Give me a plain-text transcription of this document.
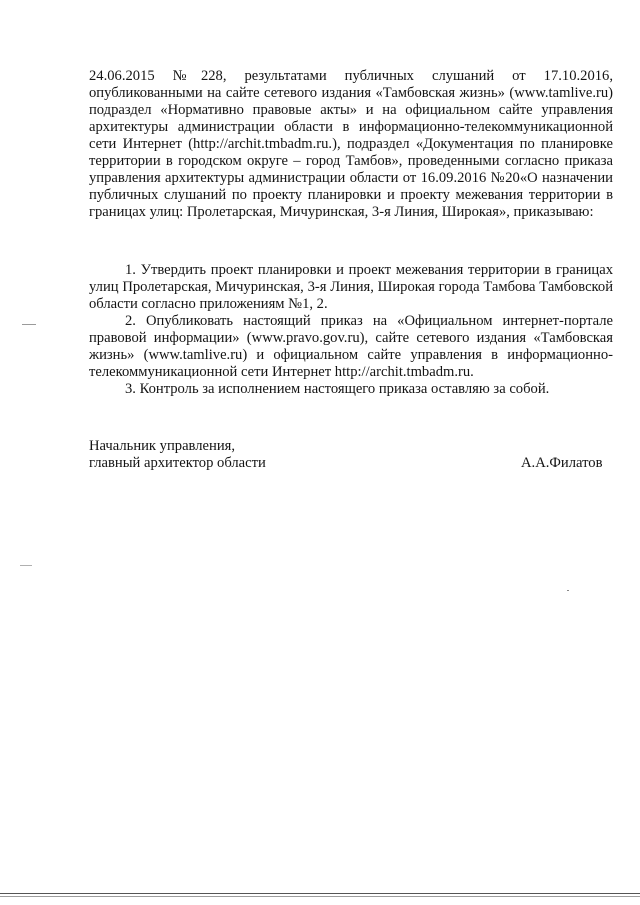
24.06.2015 №228, результатами публичных слушаний от 17.10.2016, опубликованными на сайте сетевого издания «Тамбовская жизнь» (www.tamlive.ru) подраздел «Нормативно правовые акты» и на официальном сайте управления архитектуры администрации области в информационно-телекоммуникационной сети Интернет (http://archit.tmbadm.ru.), подраздел «Документация по планировке территории в городском округе – город Тамбов», проведенными согласно приказа управления архитектуры администрации области от 16.09.2016 №20«О назначении публичных слушаний по проекту планировки и проекту межевания территории в границах улиц: Пролетарская, Мичуринская, 3-я Линия, Широкая», приказываю:

1. Утвердить проект планировки и проект межевания территории в границах улиц Пролетарская, Мичуринская, 3-я Линия, Широкая города Тамбова Тамбовской области согласно приложениям №1, 2.

2. Опубликовать настоящий приказ на «Официальном интернет-портале правовой информации» (www.pravo.gov.ru), сайте сетевого издания «Тамбовская жизнь» (www.tamlive.ru) и официальном сайте управления в информационно-телекоммуникационной сети Интернет http://archit.tmbadm.ru.

3. Контроль за исполнением настоящего приказа оставляю за собой.

Начальник управления,
главный архитектор области	А.А.Филатов
